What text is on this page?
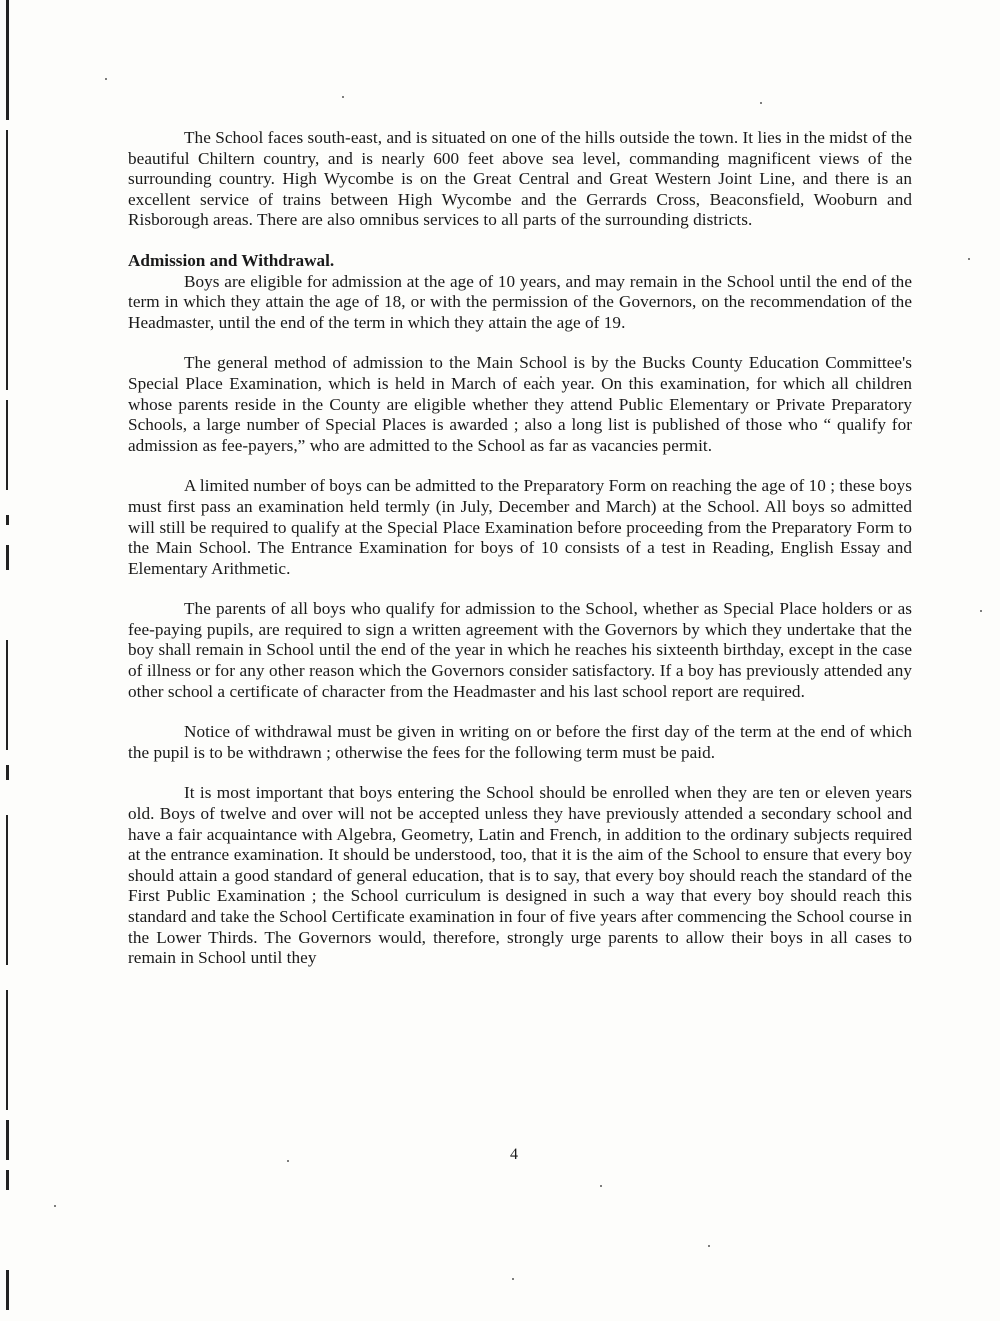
The School faces south-east, and is situated on one of the hills outside the town. It lies in the midst of the beautiful Chiltern country, and is nearly 600 feet above sea level, commanding magnificent views of the surrounding country. High Wycombe is on the Great Central and Great Western Joint Line, and there is an excellent service of trains between High Wycombe and the Gerrards Cross, Beaconsfield, Wooburn and Risborough areas. There are also omnibus services to all parts of the surrounding districts.

Admission and Withdrawal.

Boys are eligible for admission at the age of 10 years, and may remain in the School until the end of the term in which they attain the age of 18, or with the permission of the Governors, on the recommendation of the Headmaster, until the end of the term in which they attain the age of 19.

The general method of admission to the Main School is by the Bucks County Education Committee's Special Place Examination, which is held in March of each year. On this examination, for which all children whose parents reside in the County are eligible whether they attend Public Elementary or Private Preparatory Schools, a large number of Special Places is awarded ; also a long list is published of those who “ qualify for admission as fee-payers,” who are admitted to the School as far as vacancies permit.

A limited number of boys can be admitted to the Preparatory Form on reaching the age of 10 ; these boys must first pass an examination held termly (in July, December and March) at the School. All boys so admitted will still be required to qualify at the Special Place Examination before proceeding from the Preparatory Form to the Main School. The Entrance Examination for boys of 10 consists of a test in Reading, English Essay and Elementary Arithmetic.

The parents of all boys who qualify for admission to the School, whether as Special Place holders or as fee-paying pupils, are required to sign a written agreement with the Governors by which they undertake that the boy shall remain in School until the end of the year in which he reaches his sixteenth birthday, except in the case of illness or for any other reason which the Governors consider satisfactory. If a boy has previously attended any other school a certificate of character from the Headmaster and his last school report are required.

Notice of withdrawal must be given in writing on or before the first day of the term at the end of which the pupil is to be withdrawn ; otherwise the fees for the following term must be paid.

It is most important that boys entering the School should be enrolled when they are ten or eleven years old. Boys of twelve and over will not be accepted unless they have previously attended a secondary school and have a fair acquaintance with Algebra, Geometry, Latin and French, in addition to the ordinary subjects required at the entrance examination. It should be understood, too, that it is the aim of the School to ensure that every boy should attain a good standard of general education, that is to say, that every boy should reach the standard of the First Public Examination ; the School curriculum is designed in such a way that every boy should reach this standard and take the School Certificate examination in four of five years after commencing the School course in the Lower Thirds. The Governors would, therefore, strongly urge parents to allow their boys in all cases to remain in School until they

4
